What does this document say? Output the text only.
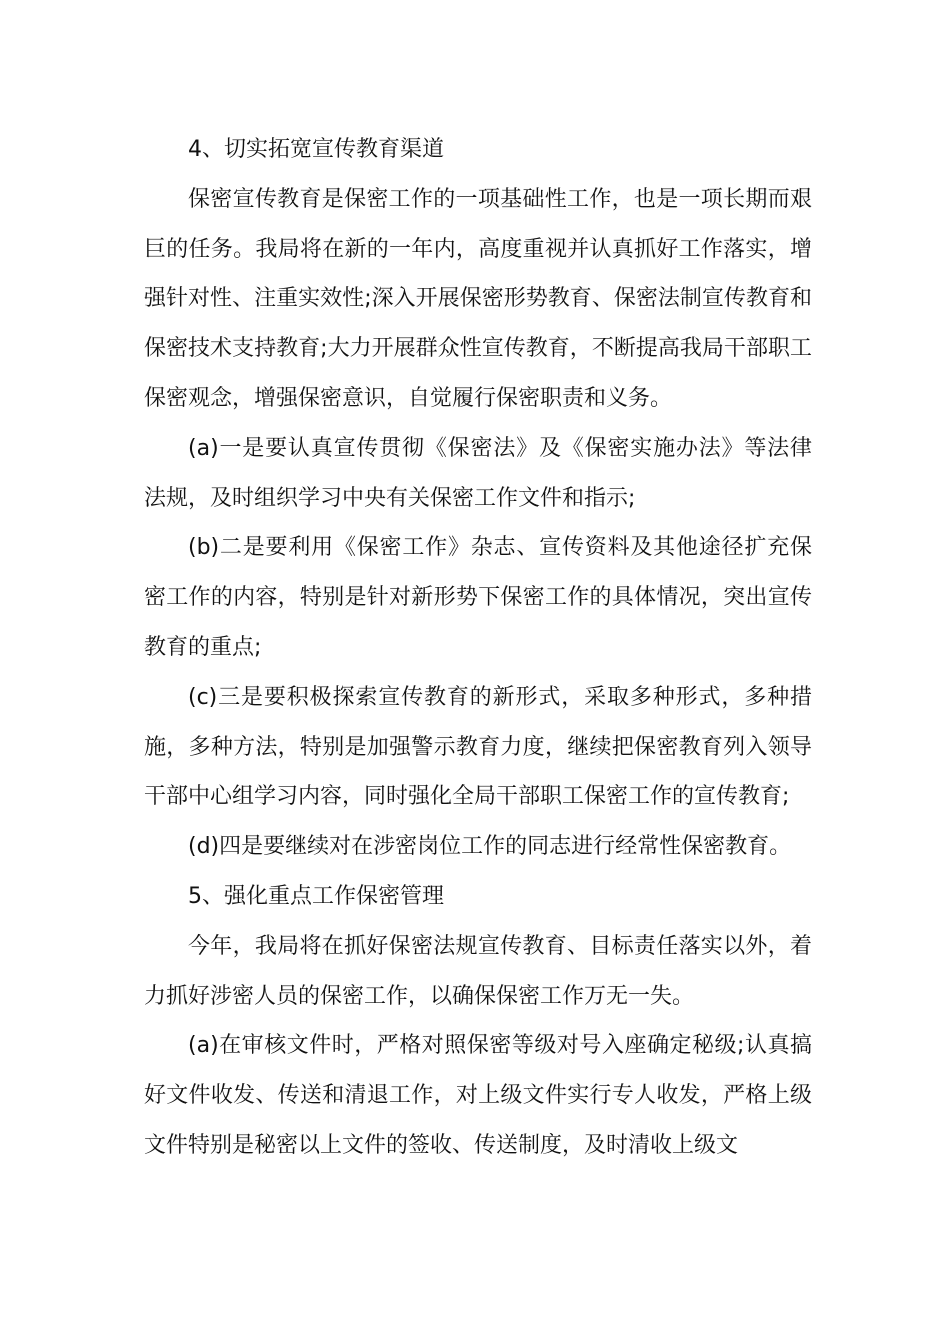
4、切实拓宽宣传教育渠道

保密宣传教育是保密工作的一项基础性工作，也是一项长期而艰巨的任务。我局将在新的一年内，高度重视并认真抓好工作落实，增强针对性、注重实效性;深入开展保密形势教育、保密法制宣传教育和保密技术支持教育;大力开展群众性宣传教育，不断提高我局干部职工保密观念，增强保密意识，自觉履行保密职责和义务。

(a)一是要认真宣传贯彻《保密法》及《保密实施办法》等法律法规，及时组织学习中央有关保密工作文件和指示;

(b)二是要利用《保密工作》杂志、宣传资料及其他途径扩充保密工作的内容，特别是针对新形势下保密工作的具体情况，突出宣传教育的重点;

(c)三是要积极探索宣传教育的新形式，采取多种形式，多种措施，多种方法，特别是加强警示教育力度，继续把保密教育列入领导干部中心组学习内容，同时强化全局干部职工保密工作的宣传教育;

(d)四是要继续对在涉密岗位工作的同志进行经常性保密教育。

5、强化重点工作保密管理

今年，我局将在抓好保密法规宣传教育、目标责任落实以外，着力抓好涉密人员的保密工作，以确保保密工作万无一失。

(a)在审核文件时，严格对照保密等级对号入座确定秘级;认真搞好文件收发、传送和清退工作，对上级文件实行专人收发，严格上级文件特别是秘密以上文件的签收、传送制度，及时清收上级文
